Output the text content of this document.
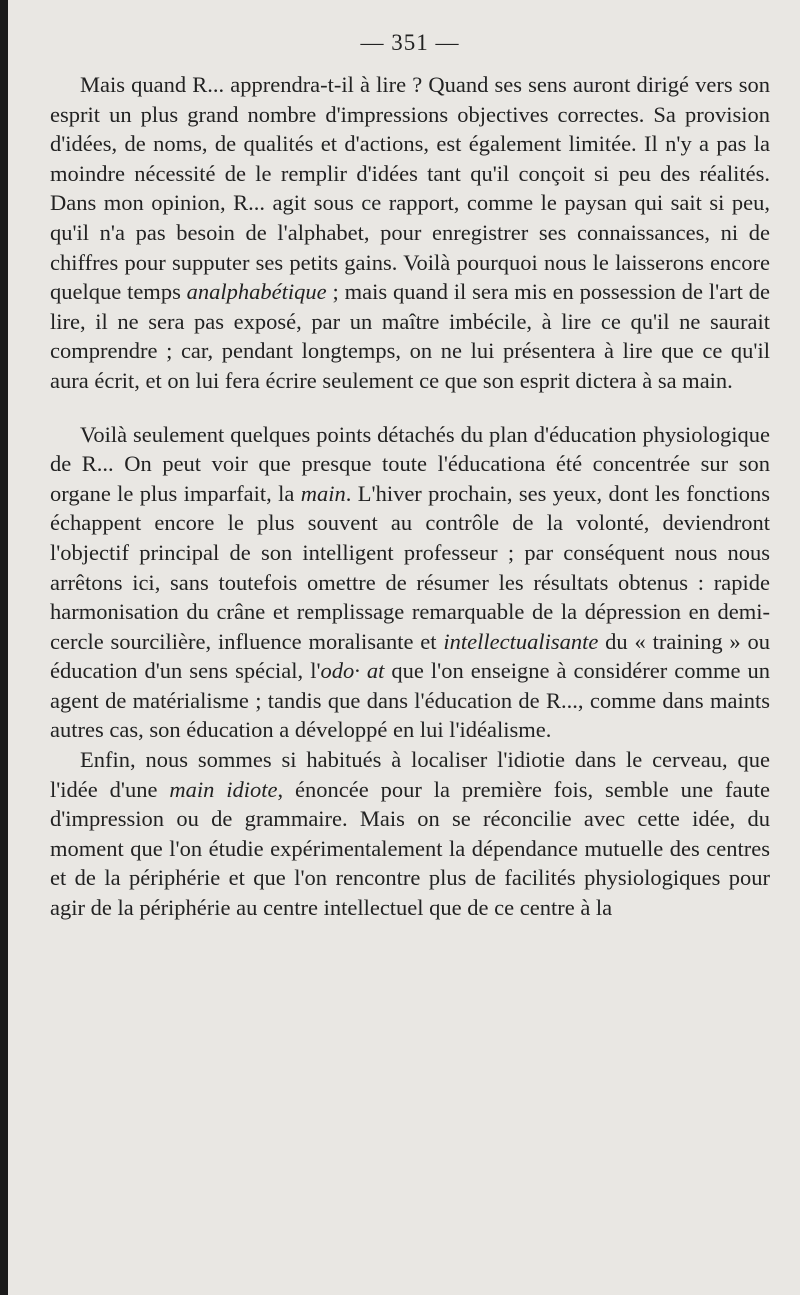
— 351 —

Mais quand R... apprendra-t-il à lire ? Quand ses sens auront dirigé vers son esprit un plus grand nombre d'impressions objectives correctes. Sa provision d'idées, de noms, de qualités et d'actions, est également limitée. Il n'y a pas la moindre nécessité de le remplir d'idées tant qu'il conçoit si peu des réalités. Dans mon opinion, R... agit sous ce rapport, comme le paysan qui sait si peu, qu'il n'a pas besoin de l'alphabet, pour enregistrer ses connaissances, ni de chiffres pour supputer ses petits gains. Voilà pourquoi nous le laisserons encore quelque temps analphabétique ; mais quand il sera mis en possession de l'art de lire, il ne sera pas exposé, par un maître imbécile, à lire ce qu'il ne saurait comprendre ; car, pendant longtemps, on ne lui présentera à lire que ce qu'il aura écrit, et on lui fera écrire seulement ce que son esprit dictera à sa main.

Voilà seulement quelques points détachés du plan d'éducation physiologique de R... On peut voir que presque toute l'éducationa été concentrée sur son organe le plus imparfait, la main. L'hiver prochain, ses yeux, dont les fonctions échappent encore le plus souvent au contrôle de la volonté, deviendront l'objectif principal de son intelligent professeur ; par conséquent nous nous arrêtons ici, sans toutefois omettre de résumer les résultats obtenus : rapide harmonisation du crâne et remplissage remarquable de la dépression en demi-cercle sourcilière, influence moralisante et intellectualisante du « training » ou éducation d'un sens spécial, l'odo· at que l'on enseigne à considérer comme un agent de matérialisme ; tandis que dans l'éducation de R..., comme dans maints autres cas, son éducation a développé en lui l'idéalisme.

Enfin, nous sommes si habitués à localiser l'idiotie dans le cerveau, que l'idée d'une main idiote, énoncée pour la première fois, semble une faute d'impression ou de grammaire. Mais on se réconcilie avec cette idée, du moment que l'on étudie expérimentalement la dépendance mutuelle des centres et de la périphérie et que l'on rencontre plus de facilités physiologiques pour agir de la périphérie au centre intellectuel que de ce centre à la
